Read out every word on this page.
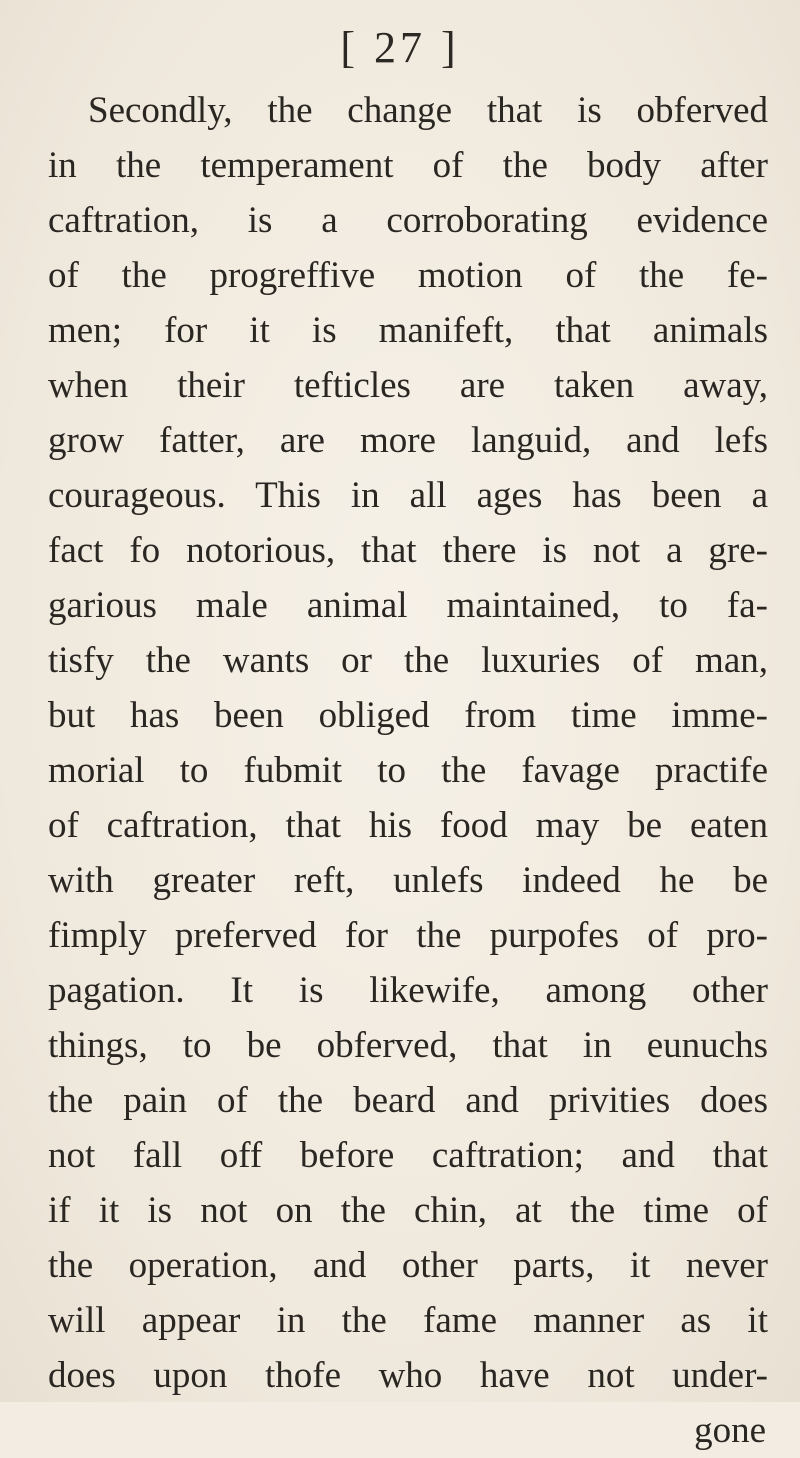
[ 27 ]
Secondly, the change that is obferved
in the temperament of the body after
caftration, is a corroborating evidence
of the progreffive motion of the fe-
men; for it is manifeft, that animals
when their tefticles are taken away,
grow fatter, are more languid, and lefs
courageous. This in all ages has been a
fact fo notorious, that there is not a gre-
garious male animal maintained, to fa-
tisfy the wants or the luxuries of man,
but has been obliged from time imme-
morial to fubmit to the favage practife
of caftration, that his food may be eaten
with greater reft, unlefs indeed he be
fimply preferved for the purpofes of pro-
pagation. It is likewife, among other
things, to be obferved, that in eunuchs
the pain of the beard and privities does
not fall off before caftration; and that
if it is not on the chin, at the time of
the operation, and other parts, it never
will appear in the fame manner as it
does upon thofe who have not under-
gone
